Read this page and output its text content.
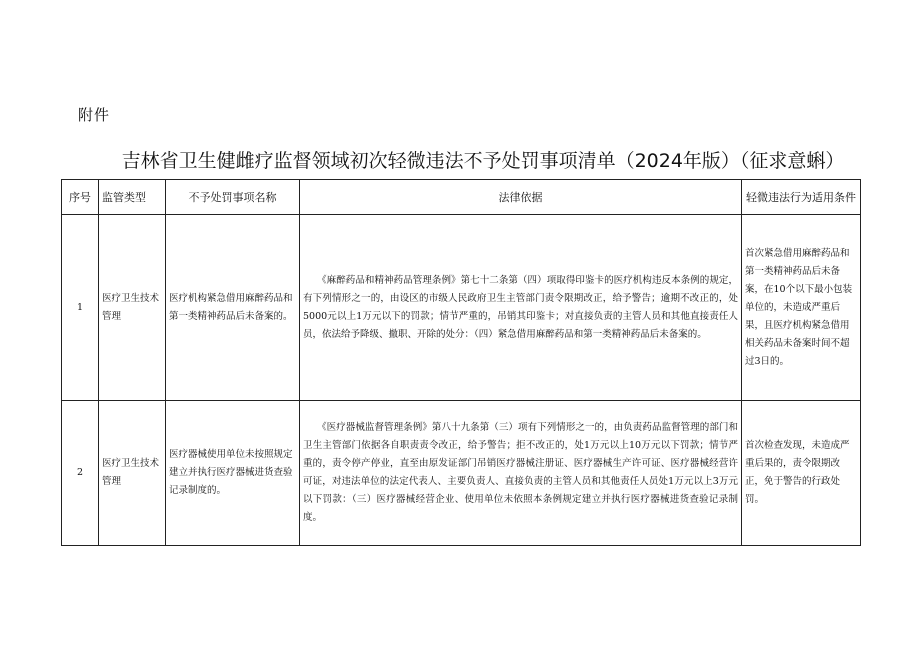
附件
吉林省卫生健雌疗监督领域初次轻微违法不予处罚事项清单（2024年版）（征求意蝌）
序号	监管类型	不予处罚事项名称	法律依据	轻微违法行为适用条件
1	医疗卫生技术管理	医疗机构紧急借用麻醉药品和第一类精神药品后未备案的。	《麻醉药品和精神药品管理条例》第七十二条第（四）项取得印鉴卡的医疗机构违反本条例的规定，有下列情形之一的，由设区的市级人民政府卫生主管部门责令限期改正，给予警告；逾期不改正的，处5000元以上1万元以下的罚款；情节严重的，吊销其印鉴卡；对直接负责的主管人员和其他直接责任人员，依法给予降级、撤职、开除的处分：（四）紧急借用麻醉药品和第一类精神药品后未备案的。	首次紧急借用麻醉药品和第一类精神药品后未备案，在10个以下最小包装单位的，未造成严重后果，且医疗机构紧急借用相关药品未备案时间不超过3日的。
2	医疗卫生技术管理	医疗器械使用单位未按照规定建立并执行医疗器械进货查验记录制度的。	《医疗器械监督管理条例》第八十九条第（三）项有下列情形之一的，由负责药品监督管理的部门和卫生主管部门依据各自职责责令改正，给予警告；拒不改正的，处1万元以上10万元以下罚款；情节严重的，责令停产停业，直至由原发证部门吊销医疗器械注册证、医疗器械生产许可证、医疗器械经营许可证，对违法单位的法定代表人、主要负责人、直接负责的主管人员和其他责任人员处1万元以上3万元以下罚款：（三）医疗器械经营企业、使用单位未依照本条例规定建立并执行医疗器械进货查验记录制度。	首次检查发现，未造成严重后果的，责令限期改正，免于警告的行政处罚。
